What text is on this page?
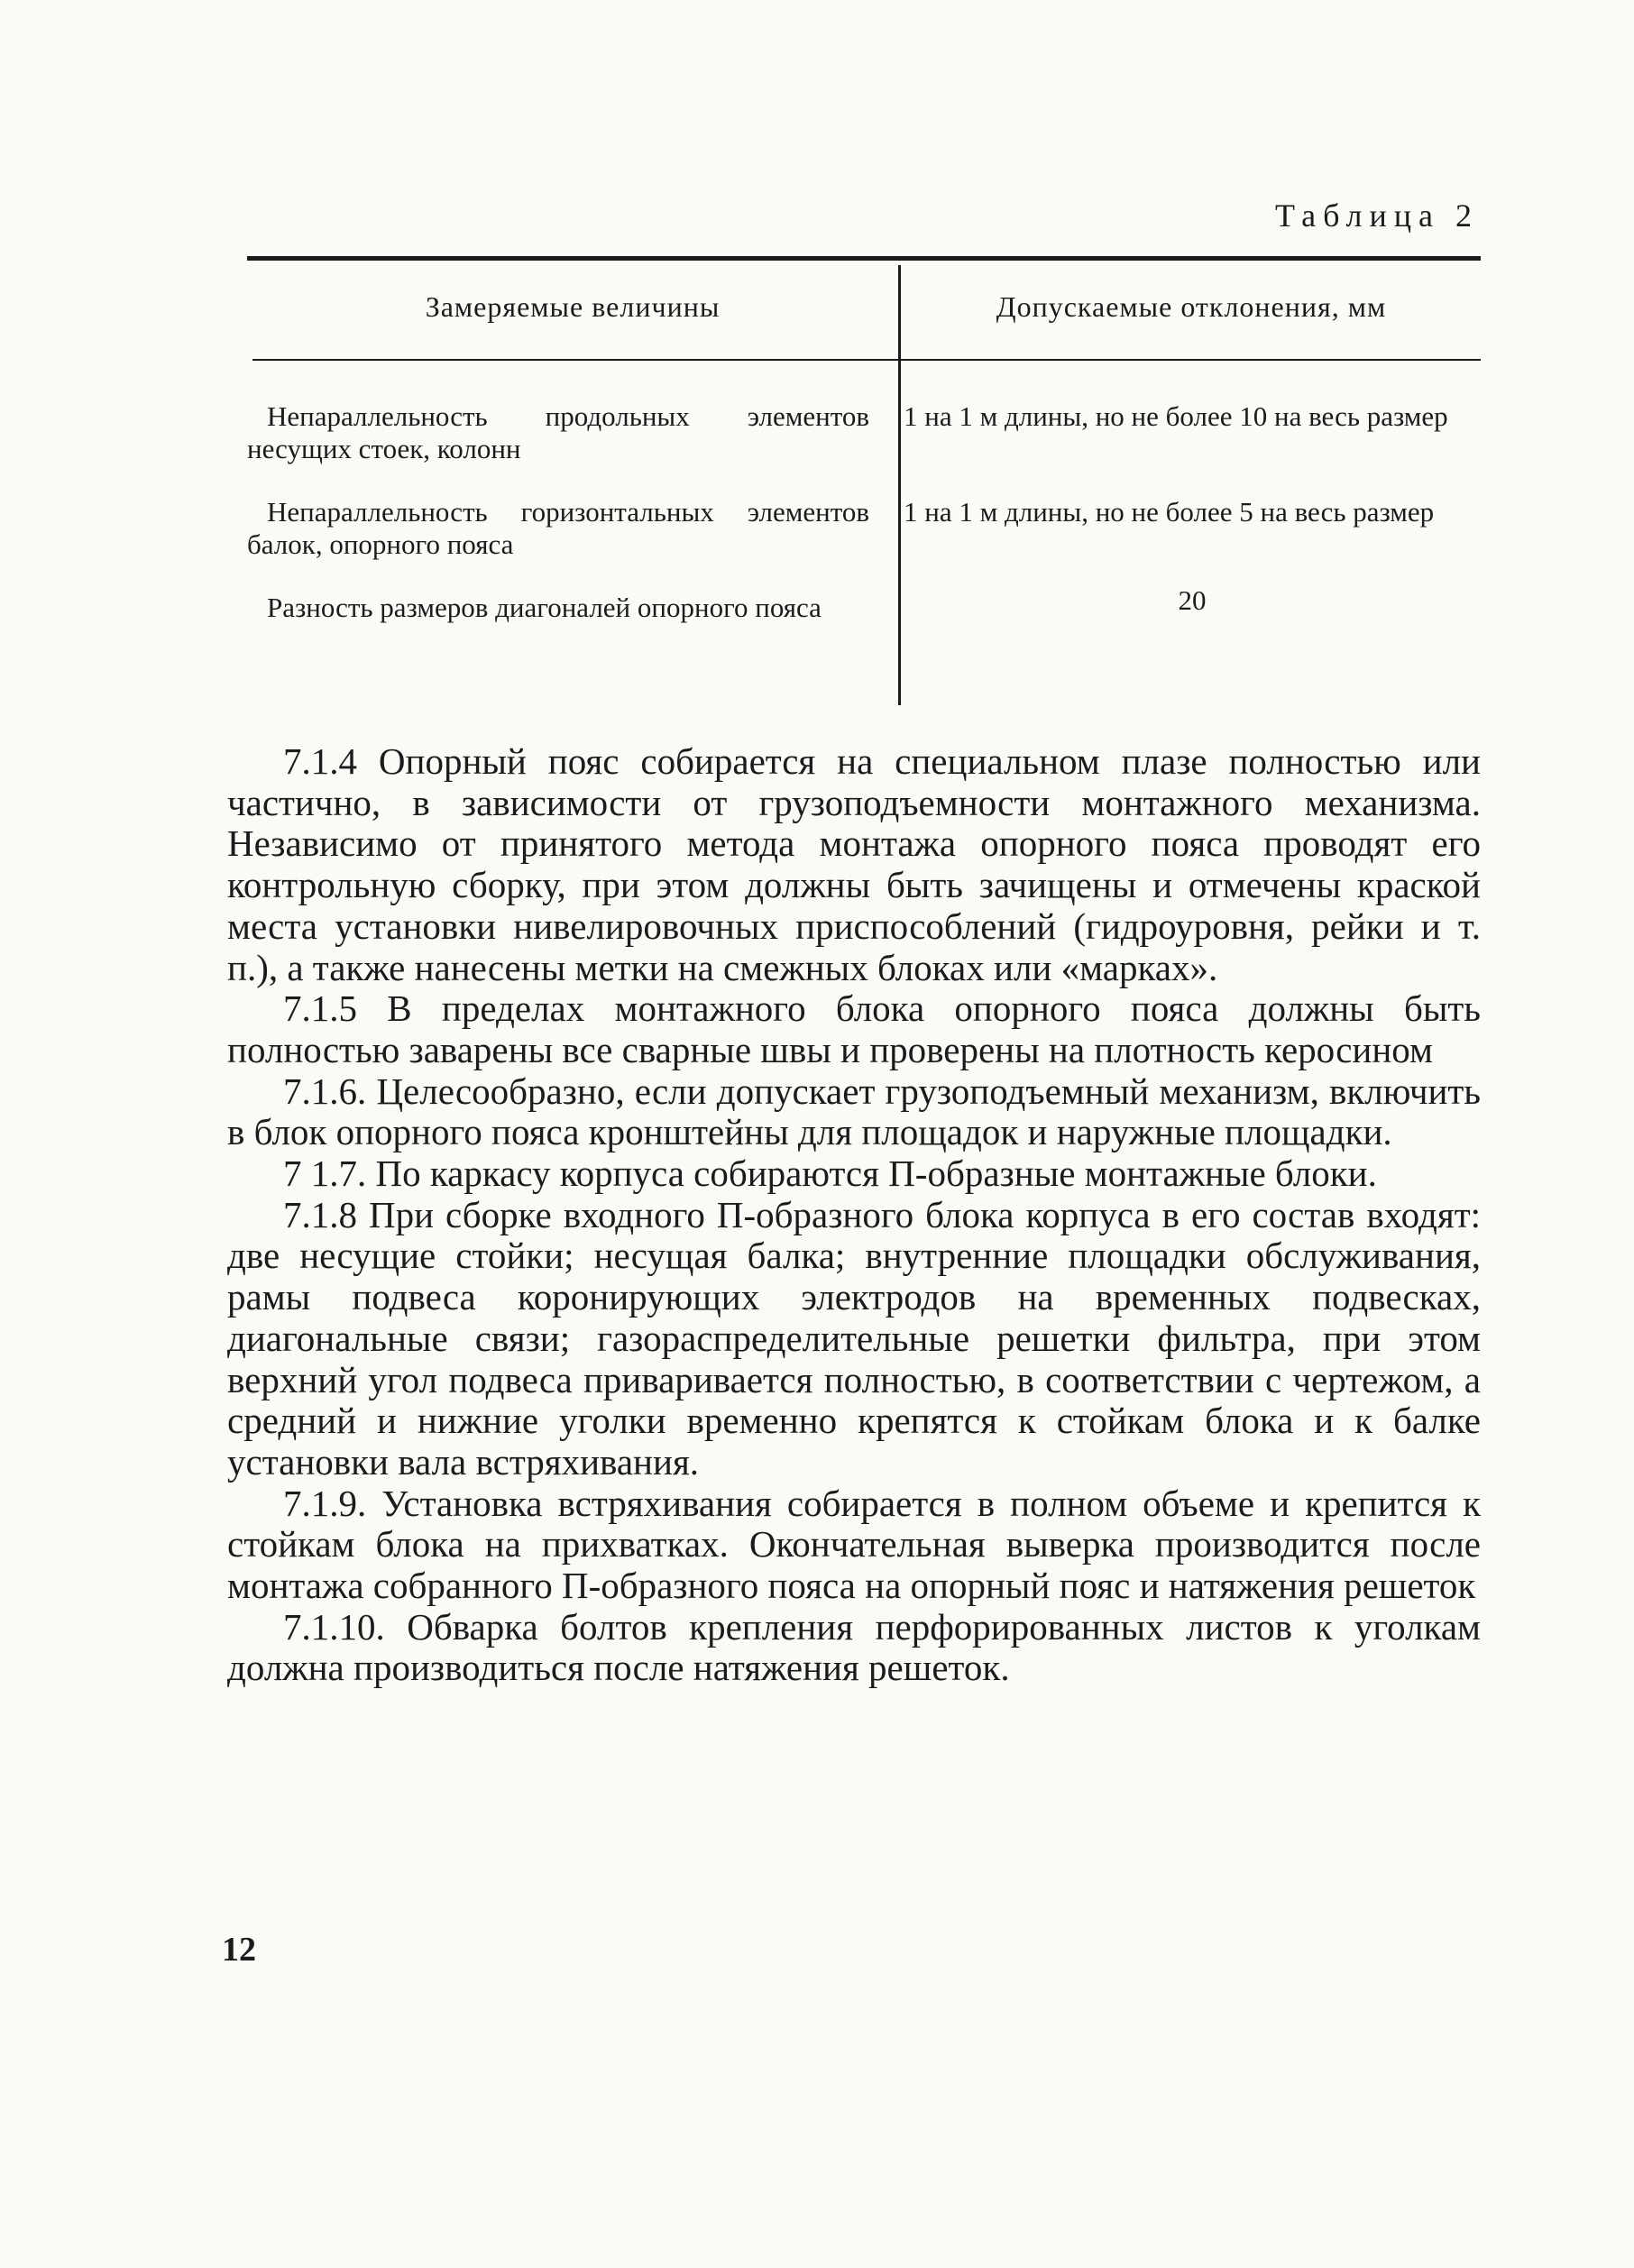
Таблица 2
Замеряемые величины	Допускаемые отклонения, мм
Непараллельность продольных элементов несущих стоек, колонн
1 на 1 м длины, но не более 10 на весь размер
Непараллельность горизонтальных элементов балок, опорного пояса
1 на 1 м длины, но не более 5 на весь размер
Разность размеров диагоналей опорного пояса	20

7.1.4 Опорный пояс собирается на специальном плазе полностью или частично, в зависимости от грузоподъемности монтажного механизма. Независимо от принятого метода монтажа опорного пояса проводят его контрольную сборку, при этом должны быть зачищены и отмечены краской места установки нивелировочных приспособлений (гидроуровня, рейки и т. п.), а также нанесены метки на смежных блоках или «марках».

7.1.5 В пределах монтажного блока опорного пояса должны быть полностью заварены все сварные швы и проверены на плотность керосином

7.1.6. Целесообразно, если допускает грузоподъемный механизм, включить в блок опорного пояса кронштейны для площадок и наружные площадки.

7 1.7. По каркасу корпуса собираются П-образные монтажные блоки.

7.1.8 При сборке входного П-образного блока корпуса в его состав входят: две несущие стойки; несущая балка; внутренние площадки обслуживания, рамы подвеса коронирующих электродов на временных подвесках, диагональные связи; газораспределительные решетки фильтра, при этом верхний угол подвеса приваривается полностью, в соответствии с чертежом, а средний и нижние уголки временно крепятся к стойкам блока и к балке установки вала встряхивания.

7.1.9. Установка встряхивания собирается в полном объеме и крепится к стойкам блока на прихватках. Окончательная выверка производится после монтажа собранного П-образного пояса на опорный пояс и натяжения решеток

7.1.10. Обварка болтов крепления перфорированных листов к уголкам должна производиться после натяжения решеток.

12
